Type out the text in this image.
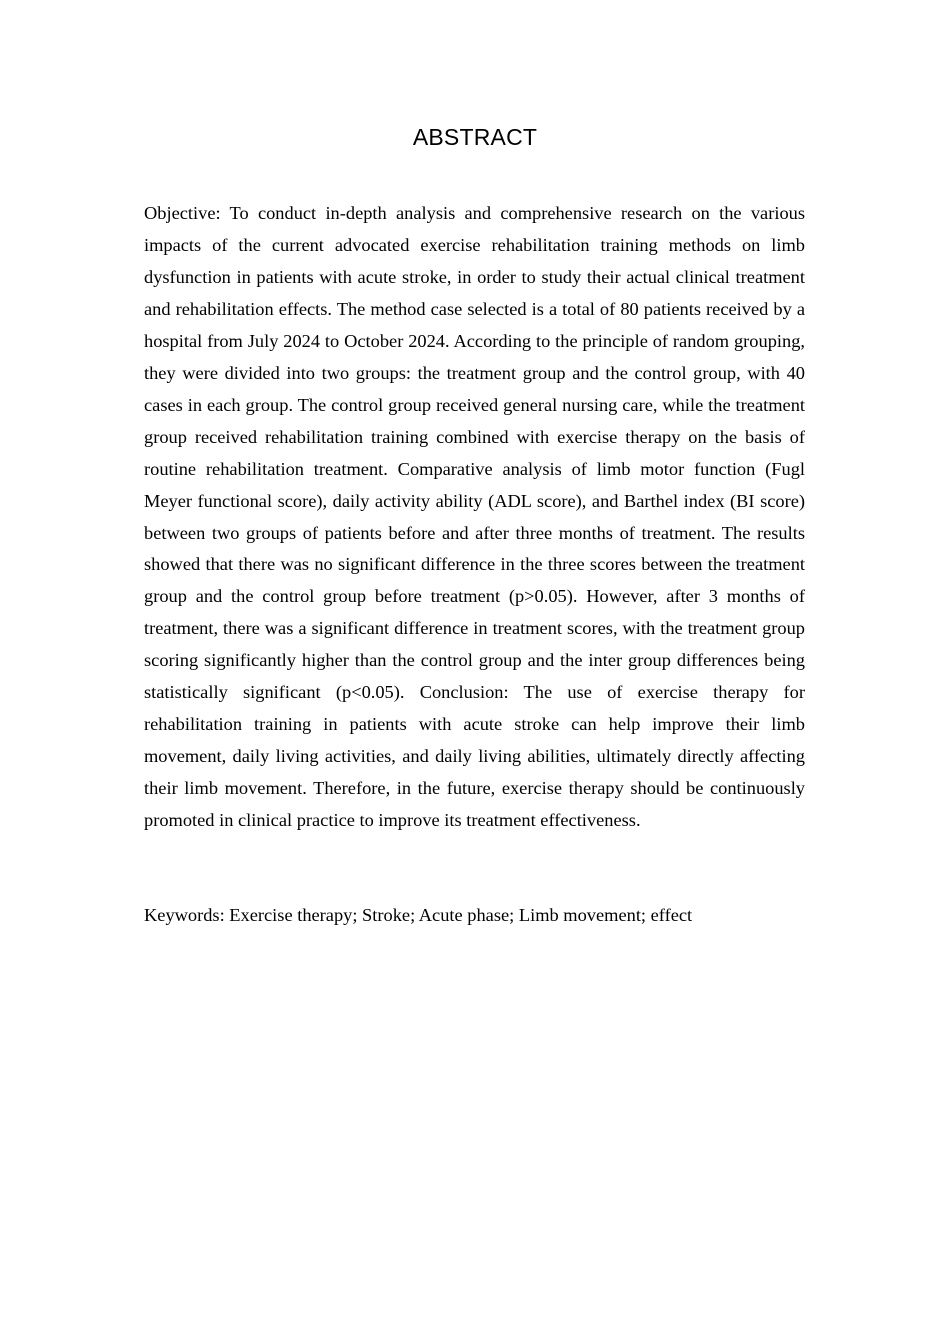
ABSTRACT

Objective: To conduct in-depth analysis and comprehensive research on the various impacts of the current advocated exercise rehabilitation training methods on limb dysfunction in patients with acute stroke, in order to study their actual clinical treatment and rehabilitation effects. The method case selected is a total of 80 patients received by a hospital from July 2024 to October 2024. According to the principle of random grouping, they were divided into two groups: the treatment group and the control group, with 40 cases in each group. The control group received general nursing care, while the treatment group received rehabilitation training combined with exercise therapy on the basis of routine rehabilitation treatment. Comparative analysis of limb motor function (Fugl Meyer functional score), daily activity ability (ADL score), and Barthel index (BI score) between two groups of patients before and after three months of treatment. The results showed that there was no significant difference in the three scores between the treatment group and the control group before treatment (p>0.05). However, after 3 months of treatment, there was a significant difference in treatment scores, with the treatment group scoring significantly higher than the control group and the inter group differences being statistically significant (p<0.05). Conclusion: The use of exercise therapy for rehabilitation training in patients with acute stroke can help improve their limb movement, daily living activities, and daily living abilities, ultimately directly affecting their limb movement. Therefore, in the future, exercise therapy should be continuously promoted in clinical practice to improve its treatment effectiveness.

Keywords: Exercise therapy; Stroke; Acute phase; Limb movement; effect
